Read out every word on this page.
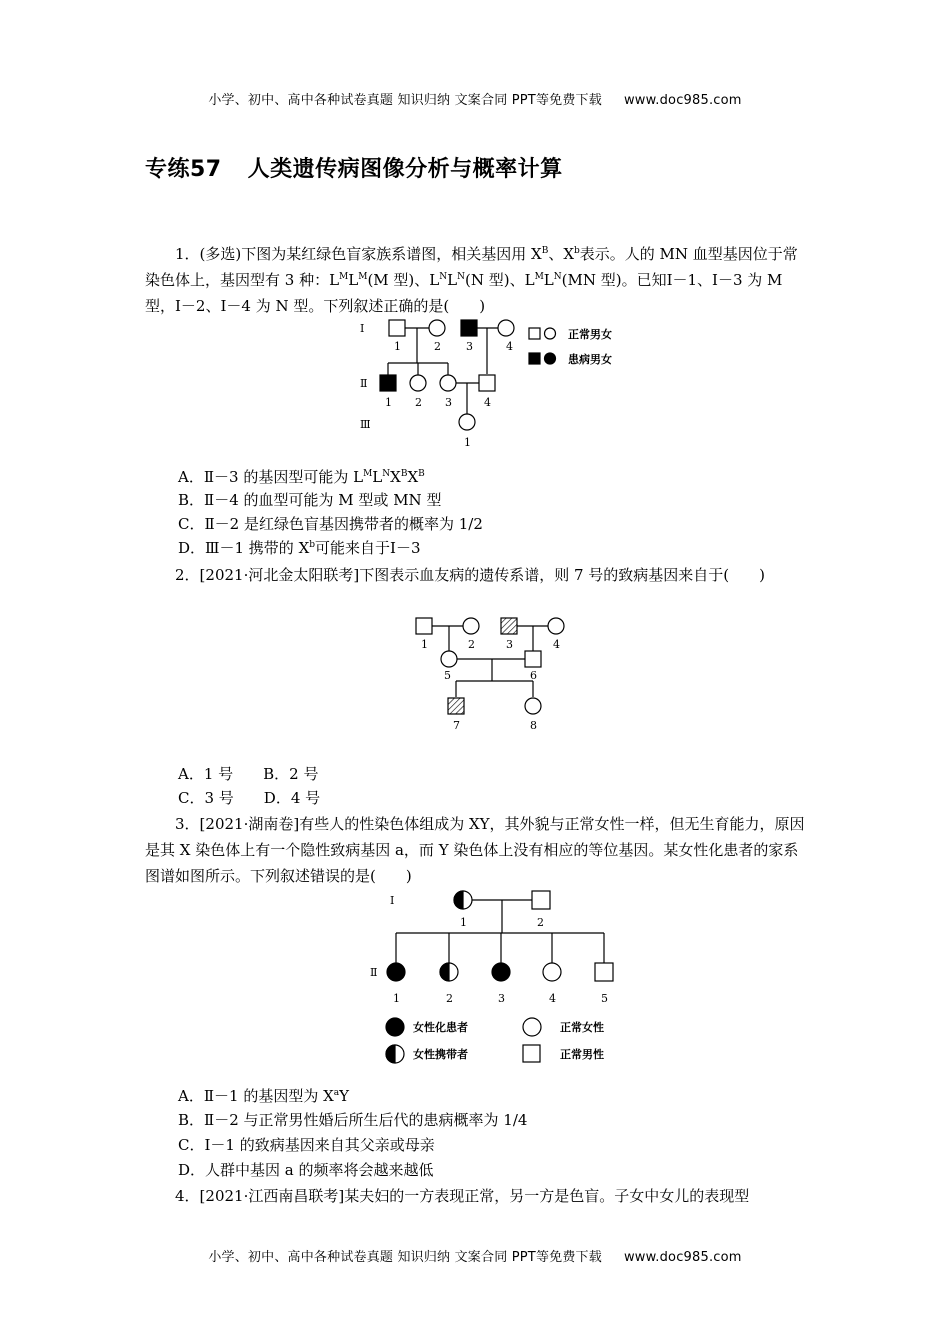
小学、初中、高中各种试卷真题 知识归纳 文案合同 PPT等免费下载 www.doc985.com
专练57 人类遗传病图像分析与概率计算
1．(多选)下图为某红绿色盲家族系谱图，相关基因用 $X^B$、$X^b$表示。人的 MN 血型基因位于常染色体上，基因型有 3 种：$L^ML^M(M$ 型)、$L^NL^N(N$ 型)、$L^ML^N(MN$ 型)。已知Ⅰ－1、Ⅰ－3 为 M 型，Ⅰ－2、Ⅰ－4 为 N 型。下列叙述正确的是(　　)
Ⅰ
Ⅱ
Ⅲ
1	2 3	4
1 2 3	4
1
正常男女
患病男女
A．Ⅱ－3 的基因型可能为 $L^ML^NX^BX^B$
B．Ⅱ－4 的血型可能为 M 型或 MN 型
C．Ⅱ－2 是红绿色盲基因携带者的概率为 1/2
D．Ⅲ－1 携带的 $X^b$可能来自于Ⅰ－3
2．[2021·河北金太阳联考]下图表示血友病的遗传系谱，则 7 号的致病基因来自于(　　)
1	2	3	4
5	6
7	8
A．1 号 B．2 号
C．3 号 D．4 号
3．[2021·湖南卷]有些人的性染色体组成为 XY，其外貌与正常女性一样，但无生育能力，原因是其 X 染色体上有一个隐性致病基因 a，而 Y 染色体上没有相应的等位基因。某女性化患者的家系图谱如图所示。下列叙述错误的是(　　)
Ⅰ
Ⅱ
1	2
1	2	3	4	5
女性化患者
女性携带者
正常女性
正常男性
A．Ⅱ－1 的基因型为 $X^aY$
B．Ⅱ－2 与正常男性婚后所生后代的患病概率为 1/4
C．Ⅰ－1 的致病基因来自其父亲或母亲
D．人群中基因 a 的频率将会越来越低
4．[2021·江西南昌联考]某夫妇的一方表现正常，另一方是色盲。子女中女儿的表现型
小学、初中、高中各种试卷真题 知识归纳 文案合同 PPT等免费下载 www.doc985.com
